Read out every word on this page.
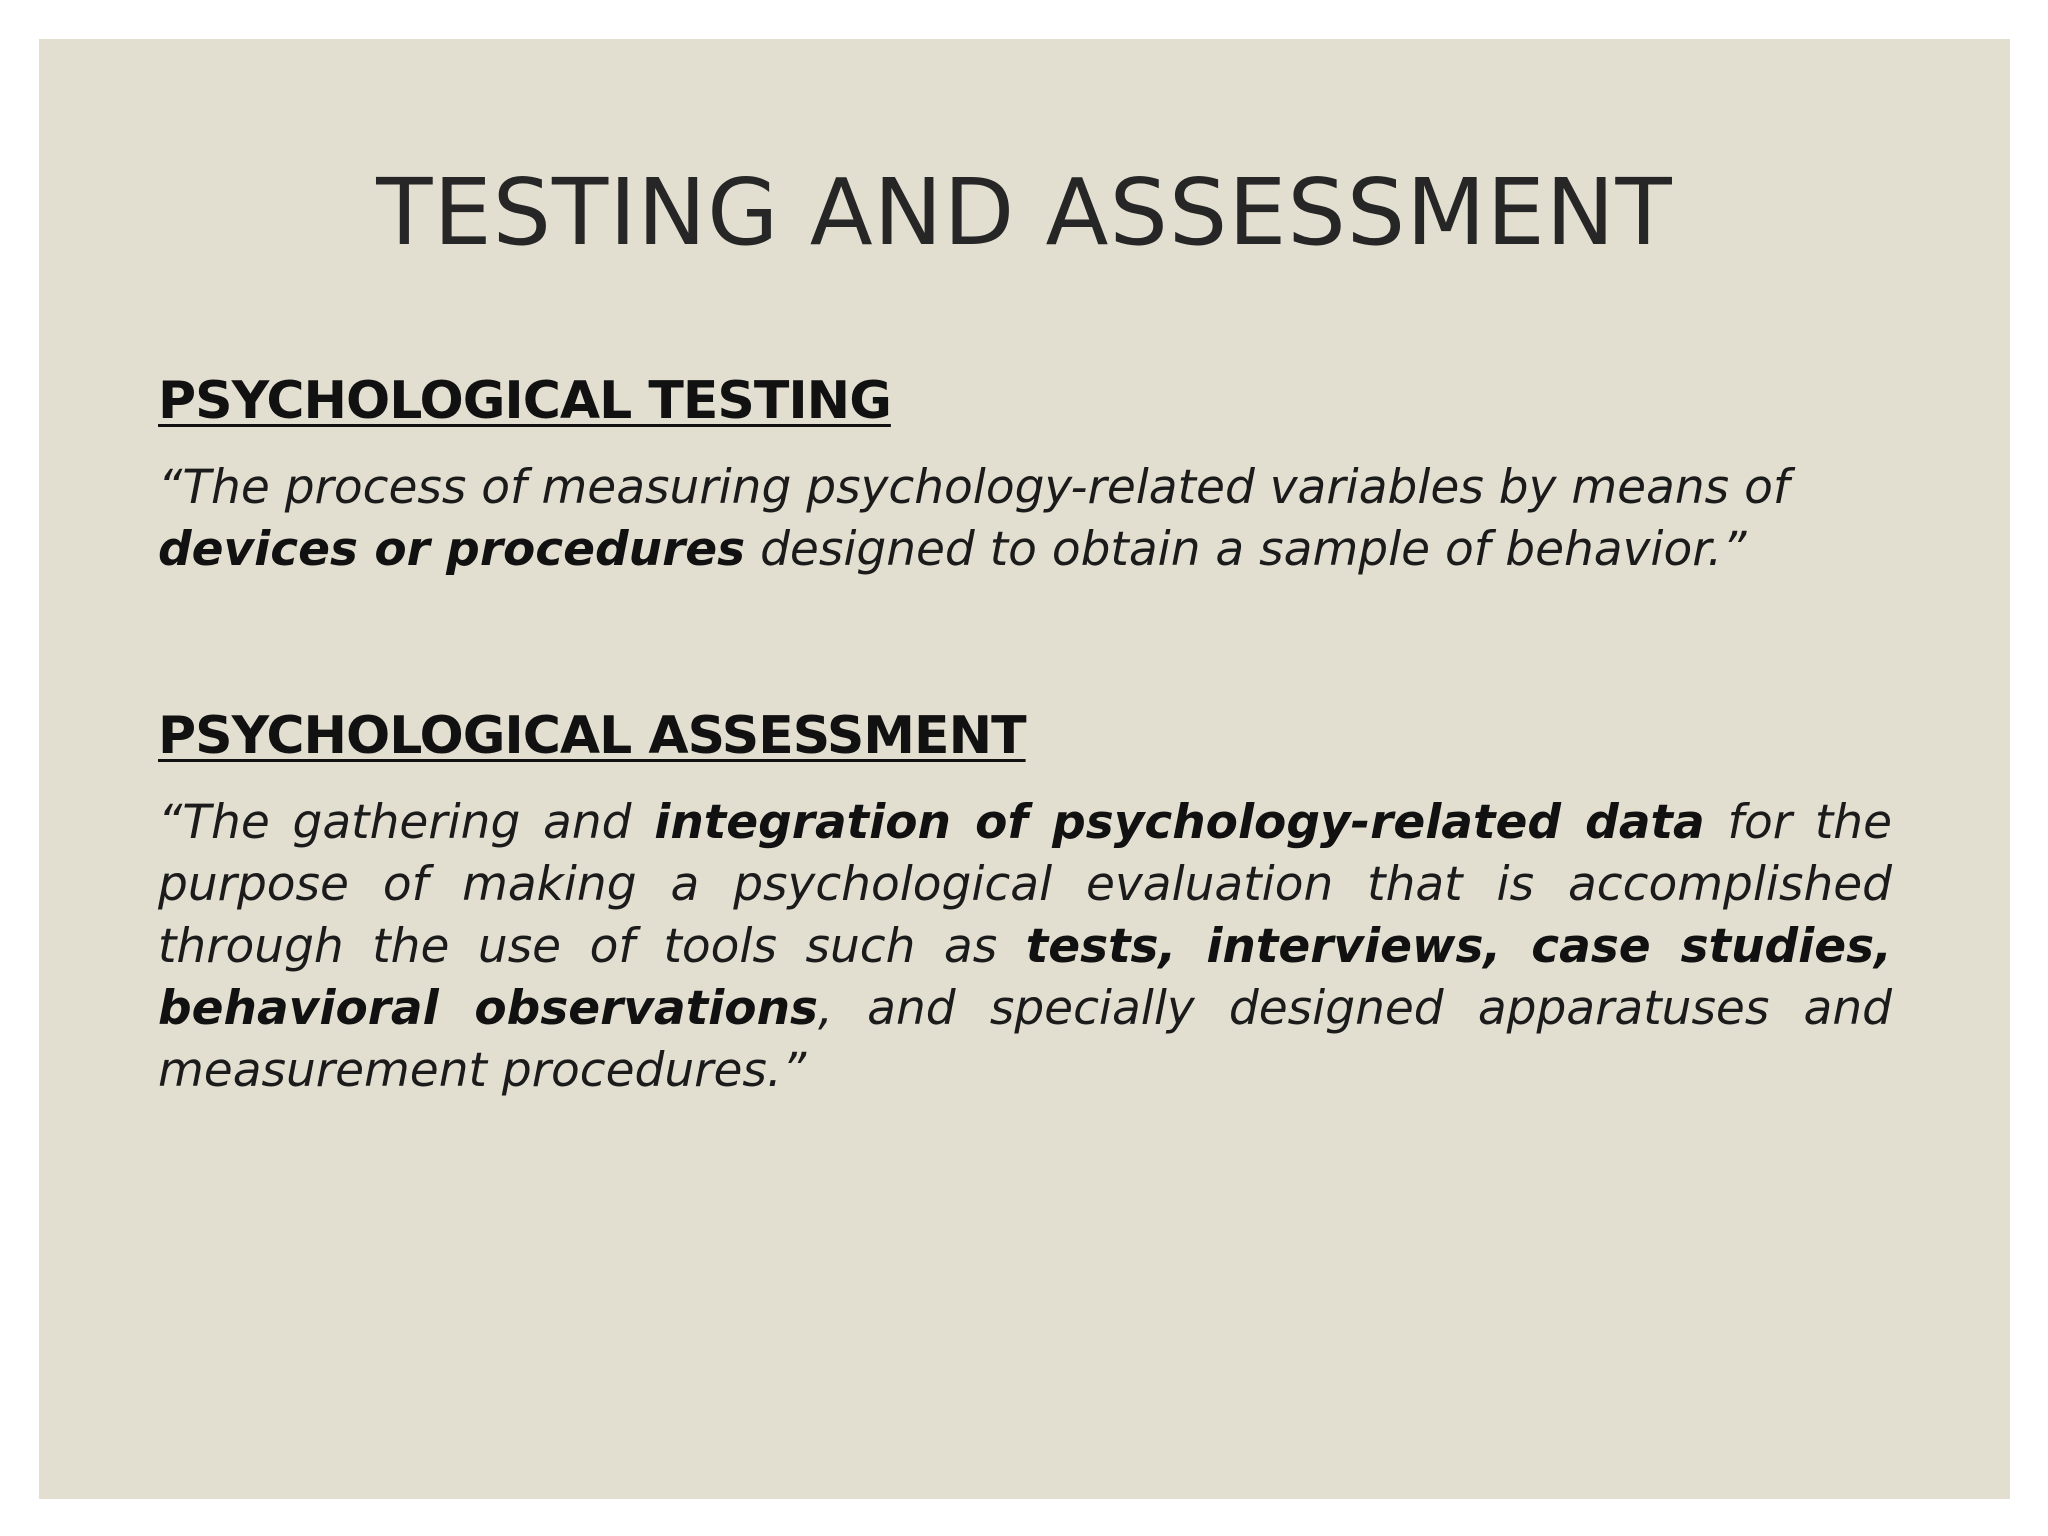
TESTING AND ASSESSMENT
PSYCHOLOGICAL TESTING

“The process of measuring psychology-related variables by means of devices or procedures designed to obtain a sample of behavior.”

PSYCHOLOGICAL ASSESSMENT

“The gathering and integration of psychology-related data for the purpose of making a psychological evaluation that is accomplished through the use of tools such as tests, interviews, case studies, behavioral observations, and specially designed apparatuses and measurement procedures.”
